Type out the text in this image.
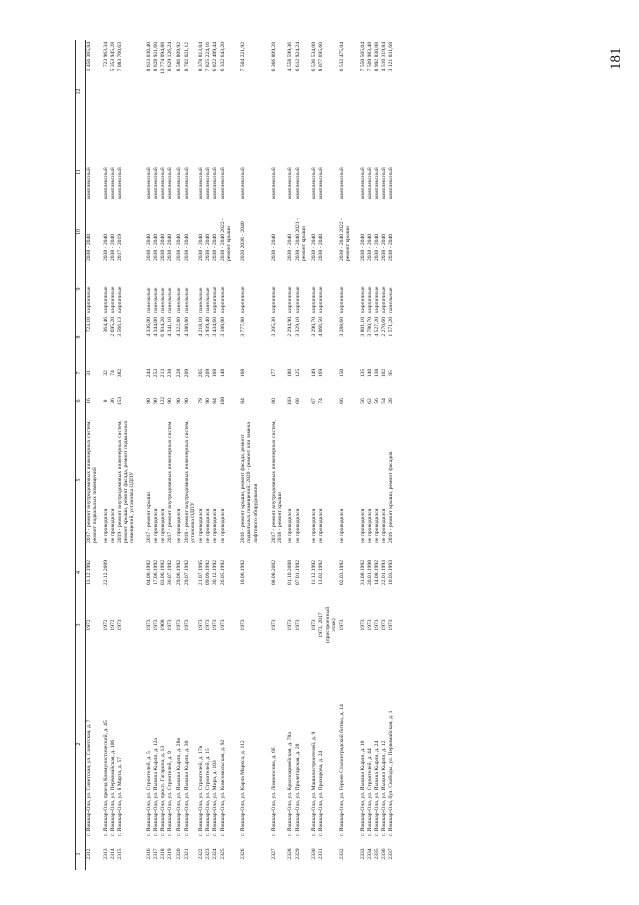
181
1	2	3	4	5	6	7	8	9	10	11	12
2312	г. Йошкар-Ола, ул. Советская, ул. Советская, д. 7	1972	11.12.1992	2017 - ремонт внутридомовых инженерных систем, ремонт подвальных помещений	16	31	723,10	кирпичные	2038 - 2040	комплексный	1 456 365,84
2313	г. Йошкар-Ола, проезд Коммунистический, д. 45	1972	22.12.2009	не проводился	8	32	364,46	кирпичные	2038 - 2040	комплексный	723 963,34
2314	г. Йошкар-Ола, ул. Первомайская, д. 106	1972		не проводился	36	74	2 695,20	кирпичные	2038 - 2040	комплексный	5 353 945,28
2315	г. Йошкар-Ола, ул. 8 Марта, д. 57	1973		2019 - ремонт внутридомовых инженерных систем, ремонт крыши, ремонт фасада, ремонт подвальных помещений, установка ОДПУ	153	382	3 566,13	кирпичные	2017 - 2019	комплексный	7 083 760,63
2316	г. Йошкар-Ола, ул. Строителей, д. 5	1973	04.08.1992	2017 - ремонт крыши	90	244	4 336,00	панельные	2038 - 2040	комплексный	8 613 030,40
2317	г. Йошкар-Ола, ул. Йывана Кырли, д. 12а	1973	17.06.1992	не проводился	90	253	4 344,00	панельные	2038 - 2040	комплексный	8 628 921,60
2318	г. Йошкар-Ола, просп. Гагарина, д. 13	1968	03.06.1992	не проводился	122	213	6 934,20	панельные	2038 - 2040	комплексный	13 774 094,88
2319	г. Йошкар-Ола, ул. Строителей, д. 9	1973	30.07.1992	2017 - ремонт внутридомовых инженерных систем	90	238	4 341,10	панельные	2038 - 2040	комплексный	8 629 126,24
2320	г. Йошкар-Ола, ул. Йывана Кырли, д. 28в	1973	29.06.1992	не проводился	90	228	4 322,80	панельные	2038 - 2040	комплексный	8 586 809,92
2321	г. Йошкар-Ола, ул. Йывана Кырли, д. 30	1973	29.07.1992	2018 - ремонт внутридомовых инженерных систем, установка ОДПУ	90	209	4 380,80	панельные	2038 - 2040	комплексный	8 702 021,12
2322	г. Йошкар-Ола, ул. Строителей, д. 17в	1973	21.07.1995	не проводился	79	205	4 218,10	панельные	2038 - 2040	комплексный	8 378 813,84
2323	г. Йошкар-Ола, ул. Строителей, д. 15	1973	09.09.1992	не проводился	90	209	3 939,40	панельные	2038 - 2040	комплексный	7 825 224,16
2324	г. Йошкар-Ола, ул. Мира, д. 103	1973	30.12.1992	не проводился	84	168	3 434,60	кирпичные	2038 - 2040	комплексный	6 822 489,44
2325	г. Йошкар-Ола, ул. Комсомольская, д. 92	1973	26.05.1992	не проводился	100	148	3 188,00	кирпичные	2038 - 2040 2022 - ремонт крыши	комплексный	6 332 643,20
2326	г. Йошкар-Ола, ул. Карла Маркса, д. 112	1973	10.06.1992	2016 - ремонт крыши, ремонт фасада, ремонт подвальных помещений; 2020 - ремонт или замена лифтового оборудования	84	168	3 777,80	кирпичные	2020 2038 - 2040	комплексный	7 504 221,92
2327	г. Йошкар-Ола, ул. Ломоносова, д. 6б	1973	08.08.2002	2017 - ремонт внутридомовых инженерных систем, 2018 - ремонт крыши	80	177	3 205,30	кирпичные	2038 - 2040	комплексный	6 366 809,28
2328	г. Йошкар-Ола, ул. Красноармейская, д. 78а	1973	01.10.2008	не проводился	103	180	2 294,90	кирпичные	2038 - 2040	комплексный	4 558 599,36
2329	г. Йошкар-Ола, ул. Пролетарская, д. 28	1973	07.01.1992	не проводился	68	125	3 329,10	кирпичные	2038 - 2040 2021 - ремонт крыши	комплексный	6 612 924,24
2330	г. Йошкар-Ола, ул. Машиностроителей, д. 9	1973	11.12.1992	не проводился	67	149	3 290,70	кирпичные	2038 - 2040	комплексный	6 536 534,08
2331	г. Йошкар-Ола, ул. Прохорова, д. 24	1973, 2017 (пристроенный этаж)	13.02.1992	не проводился	74	169	4 066,50	кирпичные	2038 - 2040	комплексный	8 077 695,60
2332	г. Йошкар-Ола, ул. Героев Сталинградской битвы, д. 14	1973	02.03.1992	не проводился	66	150	3 288,60	кирпичные	2038 - 2040 2022 - ремонт крыши	комплексный	6 532 475,04
2333	г. Йошкар-Ола, ул. Йывана Кырли, д. 10	1973	31.08.1992	не проводился	56	135	3 801,10	кирпичные	2038 - 2040	комплексный	7 550 505,04
2334	г. Йошкар-Ола, ул. Строителей, д. 44	1973	20.01.1998	не проводился	62	140	3 780,70	кирпичные	2038 - 2040	комплексный	7 509 983,48
2335	г. Йошкар-Ола, ул. Йывана Кырли, д. 24	1973	14.08.1992	не проводился	56	138	4 527,20	кирпичные	2038 - 2040	комплексный	8 992 830,08
2336	г. Йошкар-Ола, ул. Йывана Кырли, д. 12	1973	22.01.1993	не проводился	54	102	2 270,60	кирпичные	2038 - 2040	комплексный	4 510 319,84
2337	г. Йошкар-Ола, бул. Свободы, ул. Первомайская, д. 1	1973	10.03.1993	2016 - ремонт крыши, ремонт фасадов	28	95	1 571,20	панельные	2038 - 2040	комплексный	3 121 031,68
